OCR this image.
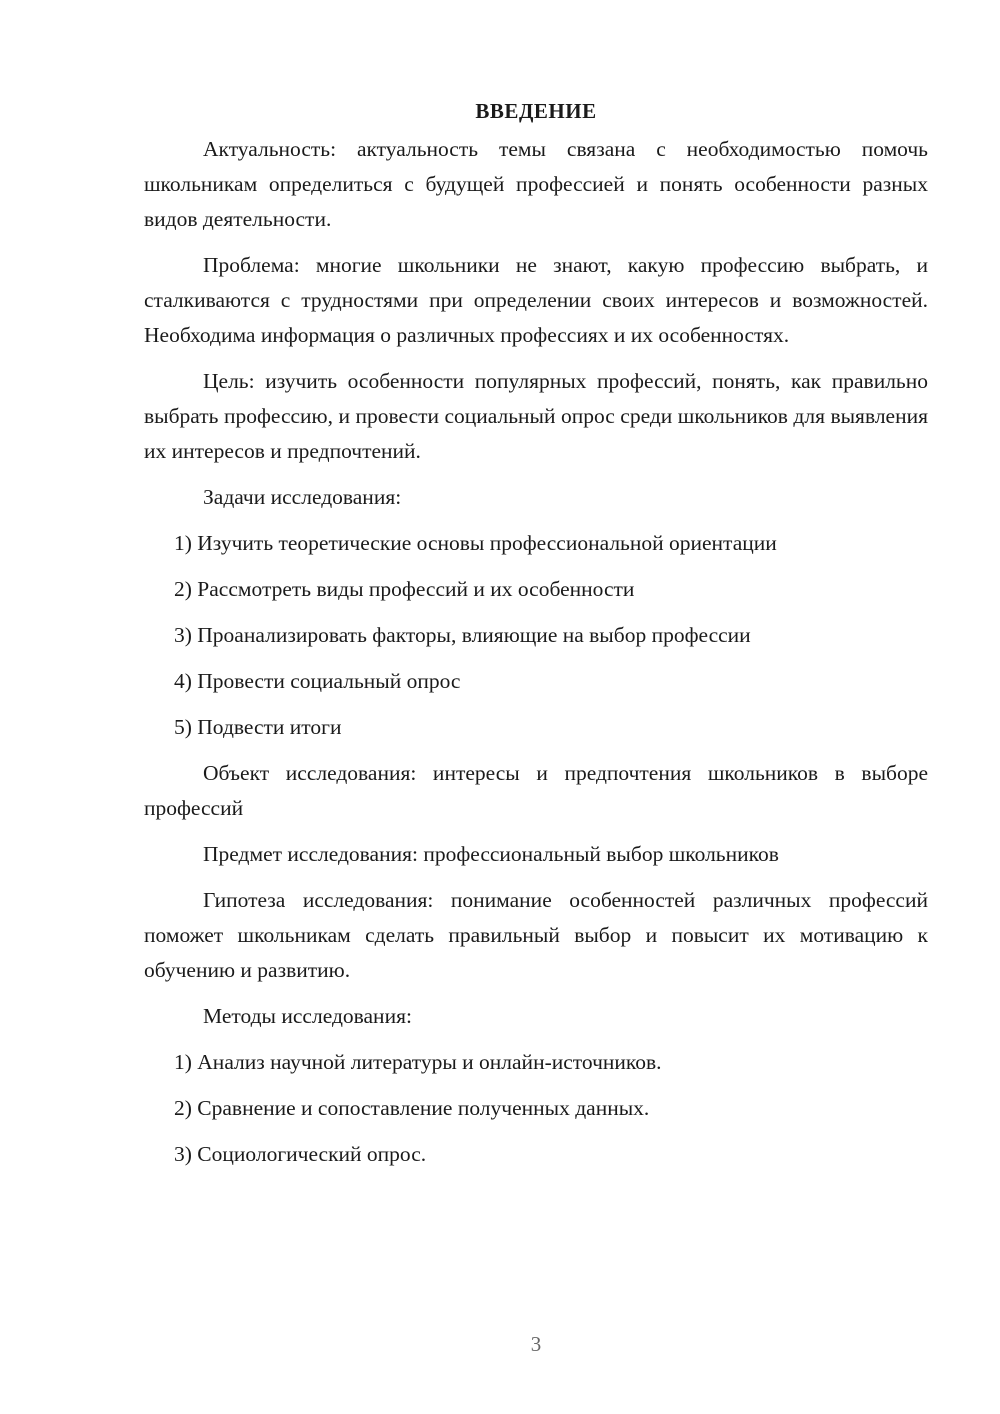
ВВЕДЕНИЕ

Актуальность: актуальность темы связана с необходимостью помочь школьникам определиться с будущей профессией и понять особенности разных видов деятельности.

Проблема: многие школьники не знают, какую профессию выбрать, и сталкиваются с трудностями при определении своих интересов и возможностей. Необходима информация о различных профессиях и их особенностях.

Цель: изучить особенности популярных профессий, понять, как правильно выбрать профессию, и провести социальный опрос среди школьников для выявления их интересов и предпочтений.

Задачи исследования:

1) Изучить теоретические основы профессиональной ориентации
2) Рассмотреть виды профессий и их особенности
3) Проанализировать факторы, влияющие на выбор профессии
4) Провести социальный опрос
5) Подвести итоги

Объект исследования: интересы и предпочтения школьников в выборе профессий

Предмет исследования: профессиональный выбор школьников

Гипотеза исследования: понимание особенностей различных профессий поможет школьникам сделать правильный выбор и повысит их мотивацию к обучению и развитию.

Методы исследования:

1) Анализ научной литературы и онлайн-источников.
2) Сравнение и сопоставление полученных данных.
3) Социологический опрос.
3
